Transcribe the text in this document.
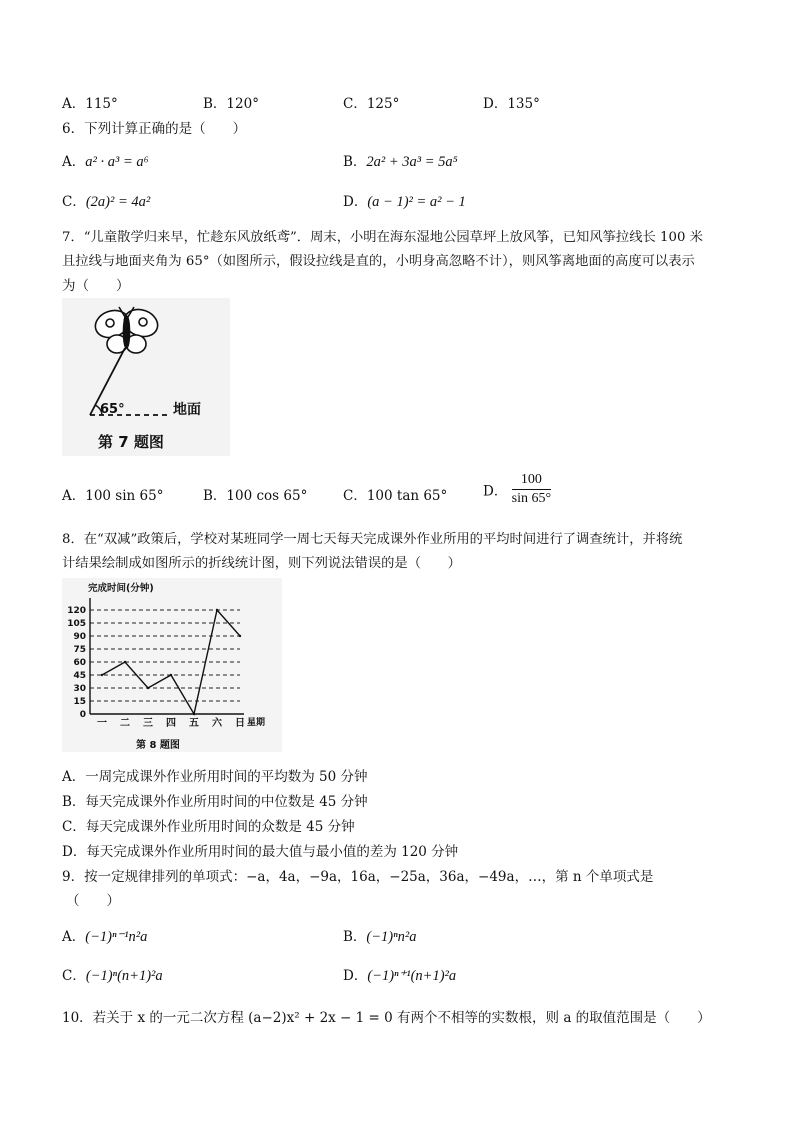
A．115°	B．120°	C．125°	D．135°
6．下列计算正确的是（　　）
A．a² · a³ = a⁶	B．2a² + 3a³ = 5a⁵
C．(2a)² = 4a²	D．(a − 1)² = a² − 1
7．“儿童散学归来早，忙趁东风放纸鸢”．周末，小明在海东湿地公园草坪上放风筝，已知风筝拉线长 100 米
且拉线与地面夹角为 65°（如图所示，假设拉线是直的，小明身高忽略不计），则风筝离地面的高度可以表示
为（　　）
65°	地面
第 7 题图
A．100 sin 65°	B．100 cos 65°	C．100 tan 65°	D． $\frac{100}{\sin 65^\circ}$
8．在“双减”政策后，学校对某班同学一周七天每天完成课外作业所用的平均时间进行了调查统计，并将统
计结果绘制成如图所示的折线统计图，则下列说法错误的是（　　）
完成时间(分钟)
星期
第 8 题图
0
15
30
45
60
75
90
105
120
一 二 三 四 五 六 日
A．一周完成课外作业所用时间的平均数为 50 分钟
B．每天完成课外作业所用时间的中位数是 45 分钟
C．每天完成课外作业所用时间的众数是 45 分钟
D．每天完成课外作业所用时间的最大值与最小值的差为 120 分钟
9．按一定规律排列的单项式：−a，4a，−9a，16a，−25a，36a，−49a，…，第 n 个单项式是
（　　）
A．(−1)ⁿ⁻¹n²a	B．(−1)ⁿn²a
C．(−1)ⁿ(n+1)²a	D．(−1)ⁿ⁺¹(n+1)²a
10．若关于 x 的一元二次方程 (a−2)x² + 2x − 1 = 0 有两个不相等的实数根，则 a 的取值范围是（　　）
